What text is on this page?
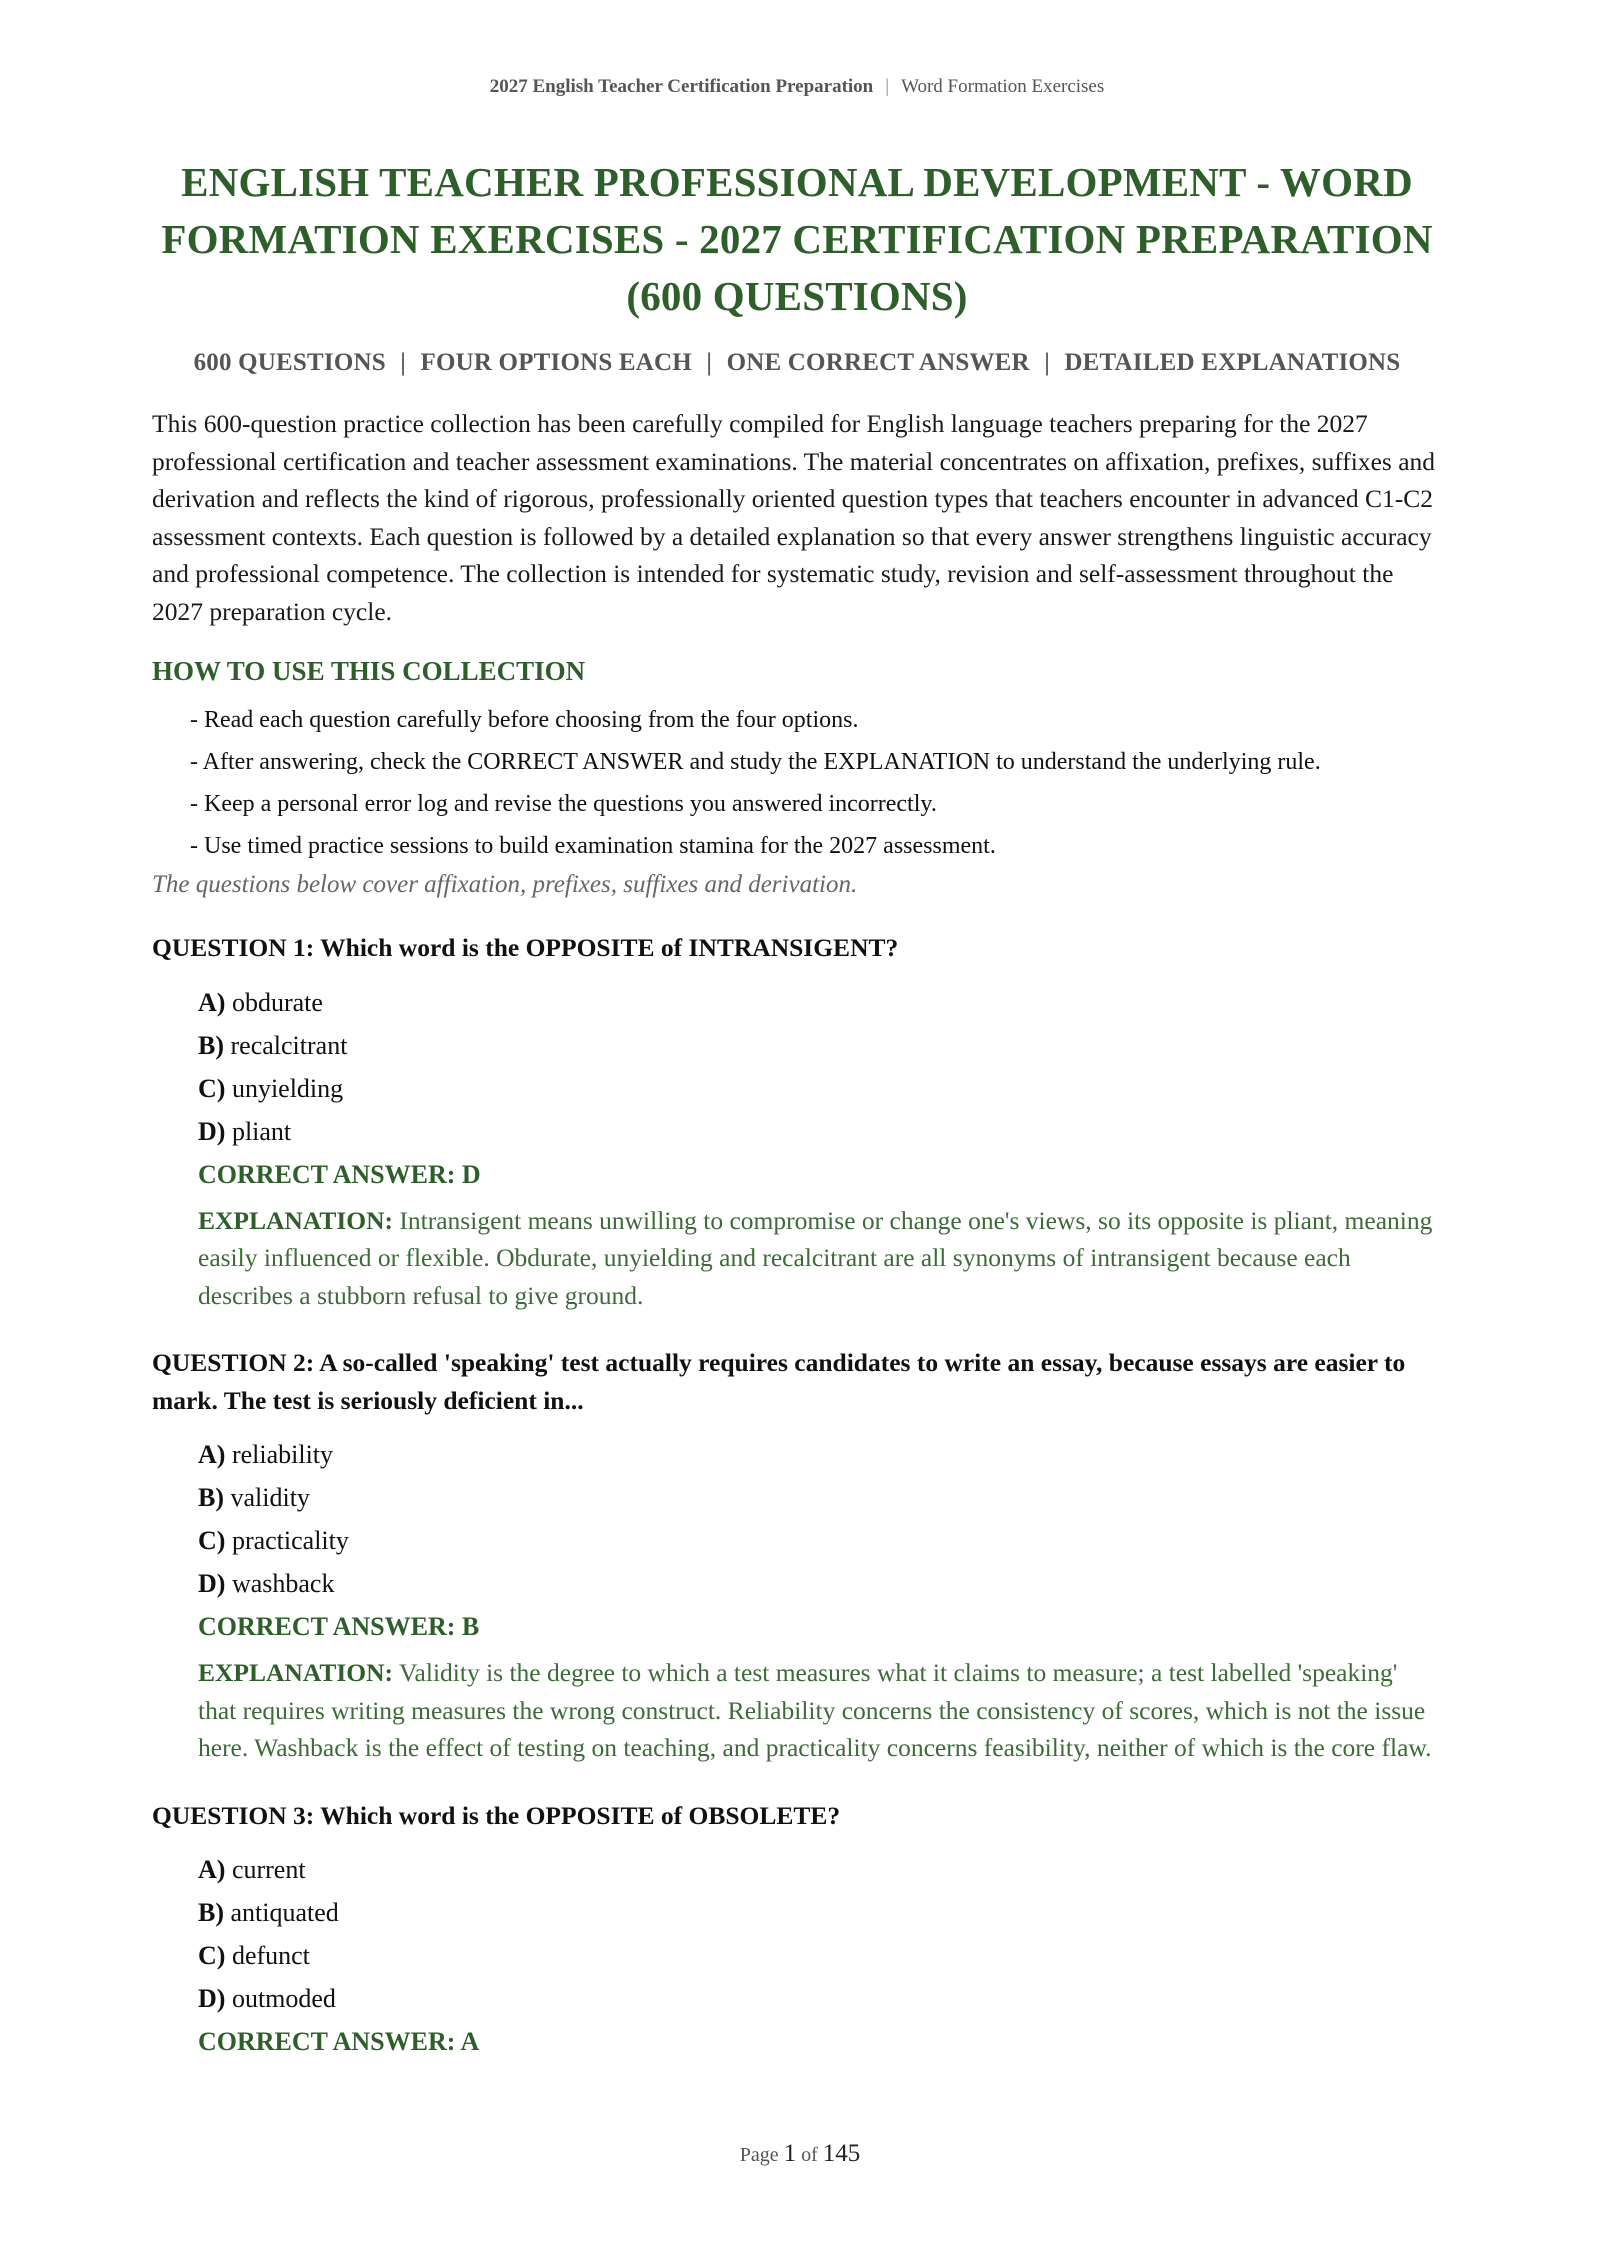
2027 English Teacher Certification Preparation | Word Formation Exercises
ENGLISH TEACHER PROFESSIONAL DEVELOPMENT - WORD FORMATION EXERCISES - 2027 CERTIFICATION PREPARATION (600 QUESTIONS)
600 QUESTIONS | FOUR OPTIONS EACH | ONE CORRECT ANSWER | DETAILED EXPLANATIONS

This 600-question practice collection has been carefully compiled for English language teachers preparing for the 2027 professional certification and teacher assessment examinations. The material concentrates on affixation, prefixes, suffixes and derivation and reflects the kind of rigorous, professionally oriented question types that teachers encounter in advanced C1-C2 assessment contexts. Each question is followed by a detailed explanation so that every answer strengthens linguistic accuracy and professional competence. The collection is intended for systematic study, revision and self-assessment throughout the 2027 preparation cycle.

HOW TO USE THIS COLLECTION
- Read each question carefully before choosing from the four options.
- After answering, check the CORRECT ANSWER and study the EXPLANATION to understand the underlying rule.
- Keep a personal error log and revise the questions you answered incorrectly.
- Use timed practice sessions to build examination stamina for the 2027 assessment.
The questions below cover affixation, prefixes, suffixes and derivation.
QUESTION 1: Which word is the OPPOSITE of INTRANSIGENT?
A) obdurate
B) recalcitrant
C) unyielding
D) pliant
CORRECT ANSWER: D
EXPLANATION: Intransigent means unwilling to compromise or change one's views, so its opposite is pliant, meaning easily influenced or flexible. Obdurate, unyielding and recalcitrant are all synonyms of intransigent because each describes a stubborn refusal to give ground.
QUESTION 2: A so-called 'speaking' test actually requires candidates to write an essay, because essays are easier to mark. The test is seriously deficient in...
A) reliability
B) validity
C) practicality
D) washback
CORRECT ANSWER: B
EXPLANATION: Validity is the degree to which a test measures what it claims to measure; a test labelled 'speaking' that requires writing measures the wrong construct. Reliability concerns the consistency of scores, which is not the issue here. Washback is the effect of testing on teaching, and practicality concerns feasibility, neither of which is the core flaw.
QUESTION 3: Which word is the OPPOSITE of OBSOLETE?
A) current
B) antiquated
C) defunct
D) outmoded
CORRECT ANSWER: A
Page 1 of 145
